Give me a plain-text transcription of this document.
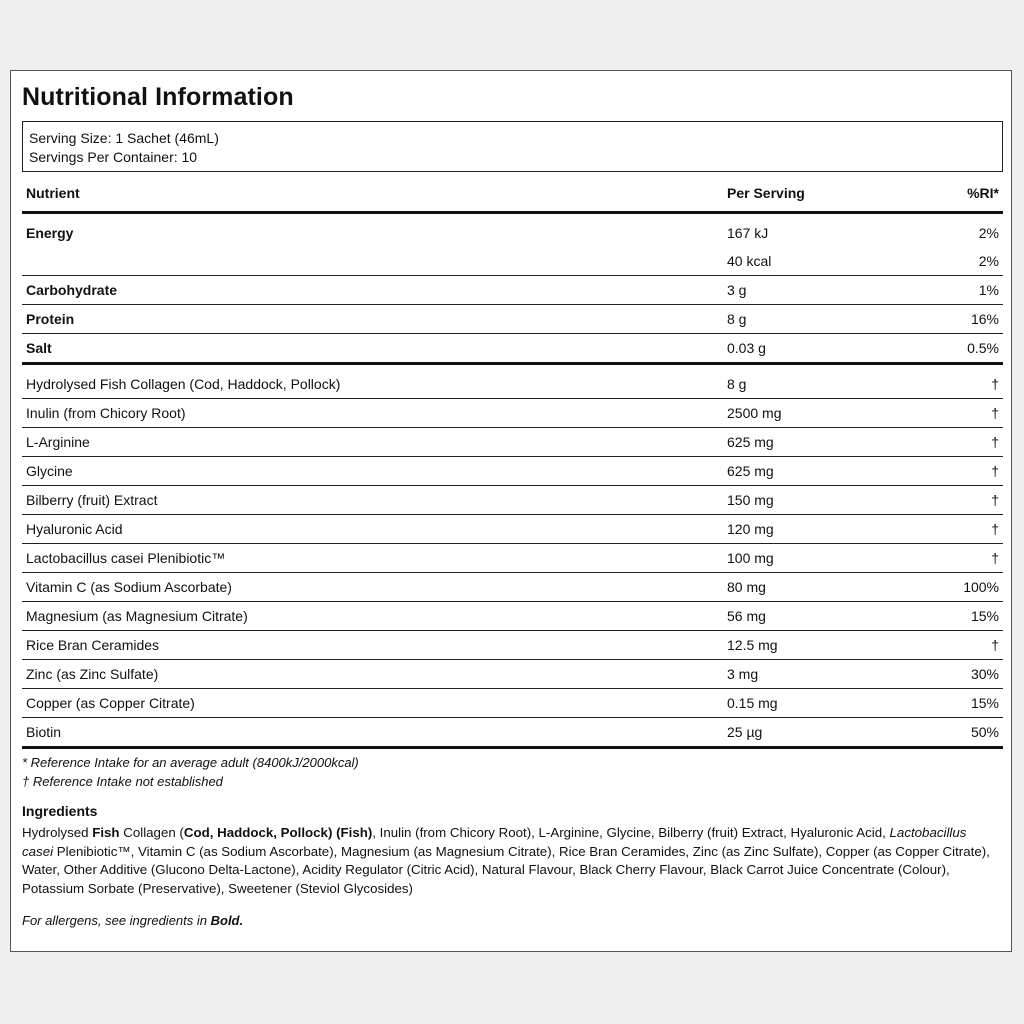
Nutritional Information
Serving Size: 1 Sachet (46mL)
Servings Per Container: 10
Nutrient	Per Serving	%RI*
Energy	167 kJ	2%
	40 kcal	2%
Carbohydrate	3 g	1%
Protein	8 g	16%
Salt	0.03 g	0.5%
Hydrolysed Fish Collagen (Cod, Haddock, Pollock)	8 g	†
Inulin (from Chicory Root)	2500 mg	†
L-Arginine	625 mg	†
Glycine	625 mg	†
Bilberry (fruit) Extract	150 mg	†
Hyaluronic Acid	120 mg	†
Lactobacillus casei Plenibiotic™	100 mg	†
Vitamin C (as Sodium Ascorbate)	80 mg	100%
Magnesium (as Magnesium Citrate)	56 mg	15%
Rice Bran Ceramides	12.5 mg	†
Zinc (as Zinc Sulfate)	3 mg	30%
Copper (as Copper Citrate)	0.15 mg	15%
Biotin	25 µg	50%
* Reference Intake for an average adult (8400kJ/2000kcal)
† Reference Intake not established
Ingredients
Hydrolysed Fish Collagen (Cod, Haddock, Pollock) (Fish), Inulin (from Chicory Root), L-Arginine, Glycine, Bilberry (fruit) Extract, Hyaluronic Acid, Lactobacillus casei Plenibiotic™, Vitamin C (as Sodium Ascorbate), Magnesium (as Magnesium Citrate), Rice Bran Ceramides, Zinc (as Zinc Sulfate), Copper (as Copper Citrate), Water, Other Additive (Glucono Delta-Lactone), Acidity Regulator (Citric Acid), Natural Flavour, Black Cherry Flavour, Black Carrot Juice Concentrate (Colour), Potassium Sorbate (Preservative), Sweetener (Steviol Glycosides)
For allergens, see ingredients in Bold.
